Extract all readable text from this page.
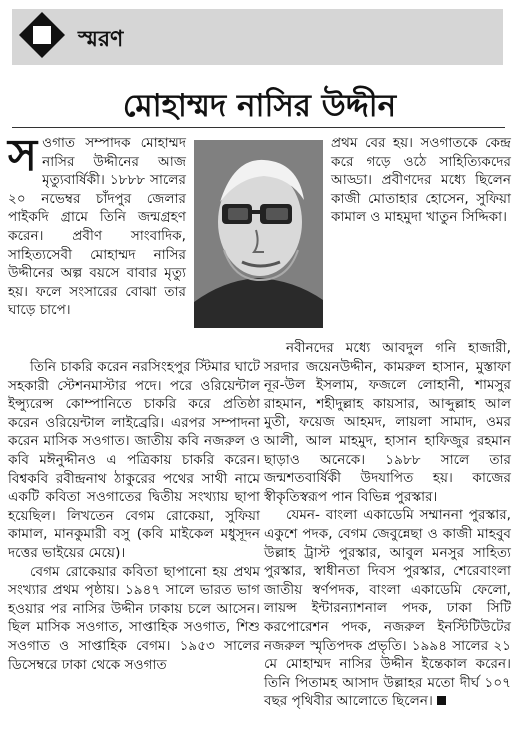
স্মরণ
মোহাম্মদ নাসির উদ্দীন
স ওগাত সম্পাদক মোহাম্মদ নাসির উদ্দীনের আজ মৃত্যুবার্ষিকী। ১৮৮৮ সালের ২০ নভেম্বর চাঁদপুর জেলার পাইকদি গ্রামে তিনি জন্মগ্রহণ করেন। প্রবীণ সাংবাদিক, সাহিত্যসেবী মোহাম্মদ নাসির উদ্দীনের অল্প বয়সে বাবার মৃত্যু হয়। ফলে সংসারের বোঝা তার ঘাড়ে চাপে।

তিনি চাকরি করেন নরসিংহপুর স্টিমার ঘাটে সহকারী স্টেশনমাস্টার পদে। পরে ওরিয়েন্টাল ইন্স্যুরেন্স কোম্পানিতে চাকরি করে প্রতিষ্ঠা করেন ওরিয়েন্টাল লাইব্রেরি। এরপর সম্পাদনা করেন মাসিক সওগাত। জাতীয় কবি নজরুল ও কবি মঈনুদ্দীনও এ পত্রিকায় চাকরি করেন। বিশ্বকবি রবীন্দ্রনাথ ঠাকুরের পথের সাথী নামে একটি কবিতা সওগাতের দ্বিতীয় সংখ্যায় ছাপা হয়েছিল। লিখতেন বেগম রোকেয়া, সুফিয়া কামাল, মানকুমারী বসু (কবি মাইকেল মধুসূদন দত্তের ভাইয়ের মেয়ে)।

বেগম রোকেয়ার কবিতা ছাপানো হয় প্রথম সংখ্যার প্রথম পৃষ্ঠায়। ১৯৪৭ সালে ভারত ভাগ হওয়ার পর নাসির উদ্দীন ঢাকায় চলে আসেন। ছিল মাসিক সওগাত, সাপ্তাহিক সওগাত, শিশু সওগাত ও সাপ্তাহিক বেগম। ১৯৫৩ সালের ডিসেম্বরে ঢাকা থেকে সওগাত

প্রথম বের হয়। সওগাতকে কেন্দ্র করে গড়ে ওঠে সাহিত্যিকদের আড্ডা। প্রবীণদের মধ্যে ছিলেন কাজী মোতাহার হোসেন, সুফিয়া কামাল ও মাহমুদা খাতুন সিদ্দিকা।

নবীনদের মধ্যে আবদুল গনি হাজারী, সরদার জয়েনউদ্দীন, কামরুল হাসান, মুস্তাফা নূর-উল ইসলাম, ফজলে লোহানী, শামসুর রাহমান, শহীদুল্লাহ কায়সার, আব্দুল্লাহ আল মুতী, ফয়েজ আহমদ, লায়লা সামাদ, ওমর আলী, আল মাহমুদ, হাসান হাফিজুর রহমান ছাড়াও অনেকে। ১৯৮৮ সালে তার জন্মশতবার্ষিকী উদযাপিত হয়। কাজের স্বীকৃতিস্বরূপ পান বিভিন্ন পুরস্কার।

যেমন- বাংলা একাডেমি সম্মাননা পুরস্কার, একুশে পদক, বেগম জেবুন্নেছা ও কাজী মাহবুব উল্লাহ ট্রাস্ট পুরস্কার, আবুল মনসুর সাহিত্য পুরস্কার, স্বাধীনতা দিবস পুরস্কার, শেরেবাংলা জাতীয় স্বর্ণপদক, বাংলা একাডেমি ফেলো, লায়ন্স ইন্টারন্যাশনাল পদক, ঢাকা সিটি করপোরেশন পদক, নজরুল ইনস্টিটিউটের নজরুল স্মৃতিপদক প্রভৃতি। ১৯৯৪ সালের ২১ মে মোহাম্মদ নাসির উদ্দীন ইন্তেকাল করেন। তিনি পিতামহ আসাদ উল্লাহর মতো দীর্ঘ ১০৭ বছর পৃথিবীর আলোতে ছিলেন।
